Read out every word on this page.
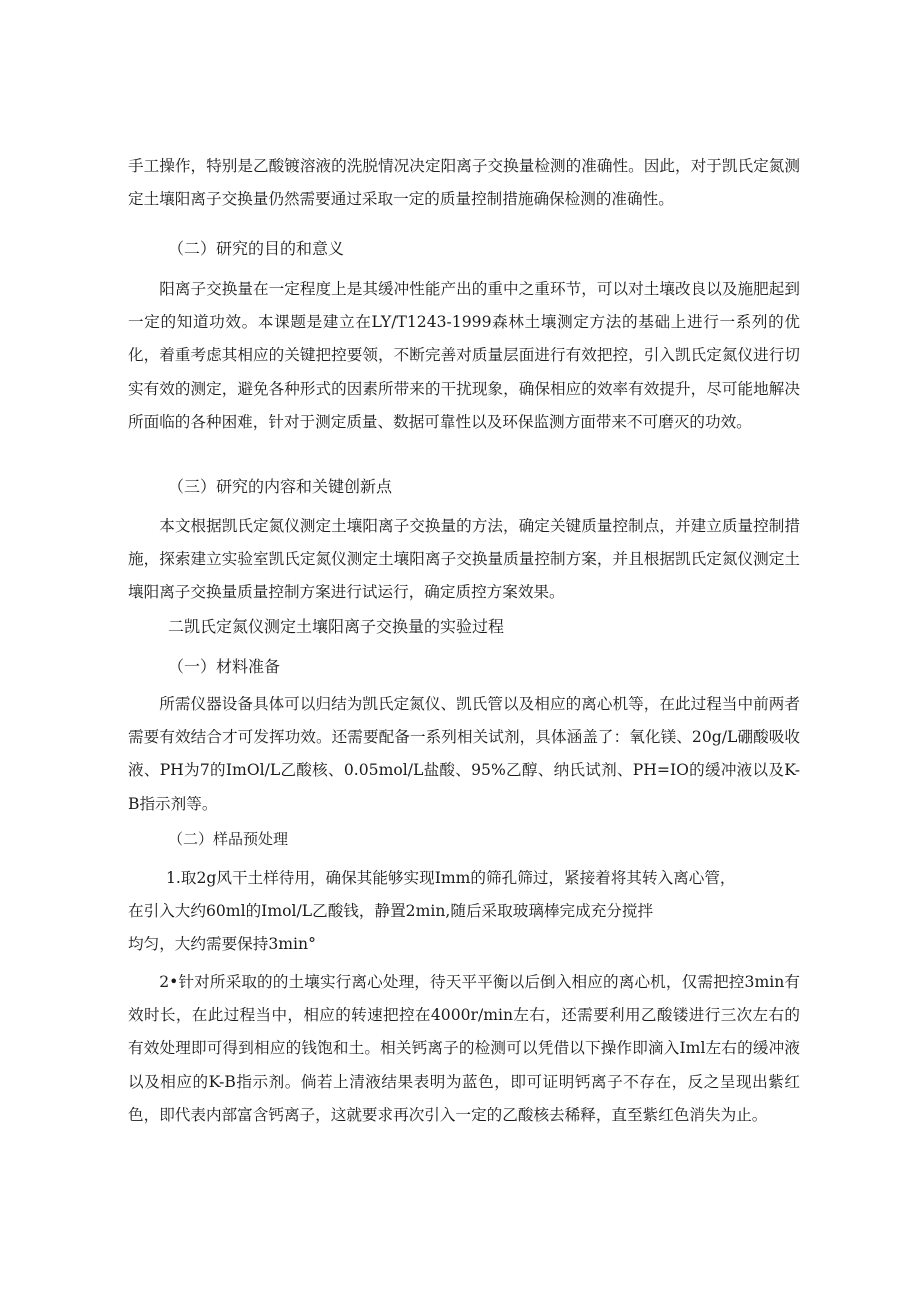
手工操作，特别是乙酸镀溶液的洗脱情况决定阳离子交换量检测的准确性。因此，对于凯氏定氮测定土壤阳离子交换量仍然需要通过采取一定的质量控制措施确保检测的准确性。

（二）研究的目的和意义

阳离子交换量在一定程度上是其缓冲性能产出的重中之重环节，可以对土壤改良以及施肥起到一定的知道功效。本课题是建立在LY/T1243-1999森林土壤测定方法的基础上进行一系列的优化，着重考虑其相应的关键把控要领，不断完善对质量层面进行有效把控，引入凯氏定氮仪进行切实有效的测定，避免各种形式的因素所带来的干扰现象，确保相应的效率有效提升，尽可能地解决所面临的各种困难，针对于测定质量、数据可靠性以及环保监测方面带来不可磨灭的功效。

（三）研究的内容和关键创新点

本文根据凯氏定氮仪测定土壤阳离子交换量的方法，确定关键质量控制点，并建立质量控制措施，探索建立实验室凯氏定氮仪测定土壤阳离子交换量质量控制方案，并且根据凯氏定氮仪测定土壤阳离子交换量质量控制方案进行试运行，确定质控方案效果。

二凯氏定氮仪测定土壤阳离子交换量的实验过程
（一）材料准备

所需仪器设备具体可以归结为凯氏定氮仪、凯氏管以及相应的离心机等，在此过程当中前两者需要有效结合才可发挥功效。还需要配备一系列相关试剂，具体涵盖了：氧化镁、20g/L硼酸吸收液、PH为7的ImOl/L乙酸核、0.05mol/L盐酸、95%乙醇、纳氏试剂、PH=IO的缓冲液以及K-B指示剂等。

（二）样品预处理
1.取2g风干土样待用，确保其能够实现Imm的筛孔筛过，紧接着将其转入离心管，
在引入大约60ml的Imol/L乙酸钱，静置2min,随后采取玻璃棒完成充分搅拌
均匀，大约需要保持3min°

2•针对所采取的的土壤实行离心处理，待天平平衡以后倒入相应的离心机，仅需把控3min有效时长，在此过程当中，相应的转速把控在4000r/min左右，还需要利用乙酸镂进行三次左右的有效处理即可得到相应的钱饱和土。相关钙离子的检测可以凭借以下操作即滴入Iml左右的缓冲液以及相应的K-B指示剂。倘若上清液结果表明为蓝色，即可证明钙离子不存在，反之呈现出紫红色，即代表内部富含钙离子，这就要求再次引入一定的乙酸核去稀释，直至紫红色消失为止。
